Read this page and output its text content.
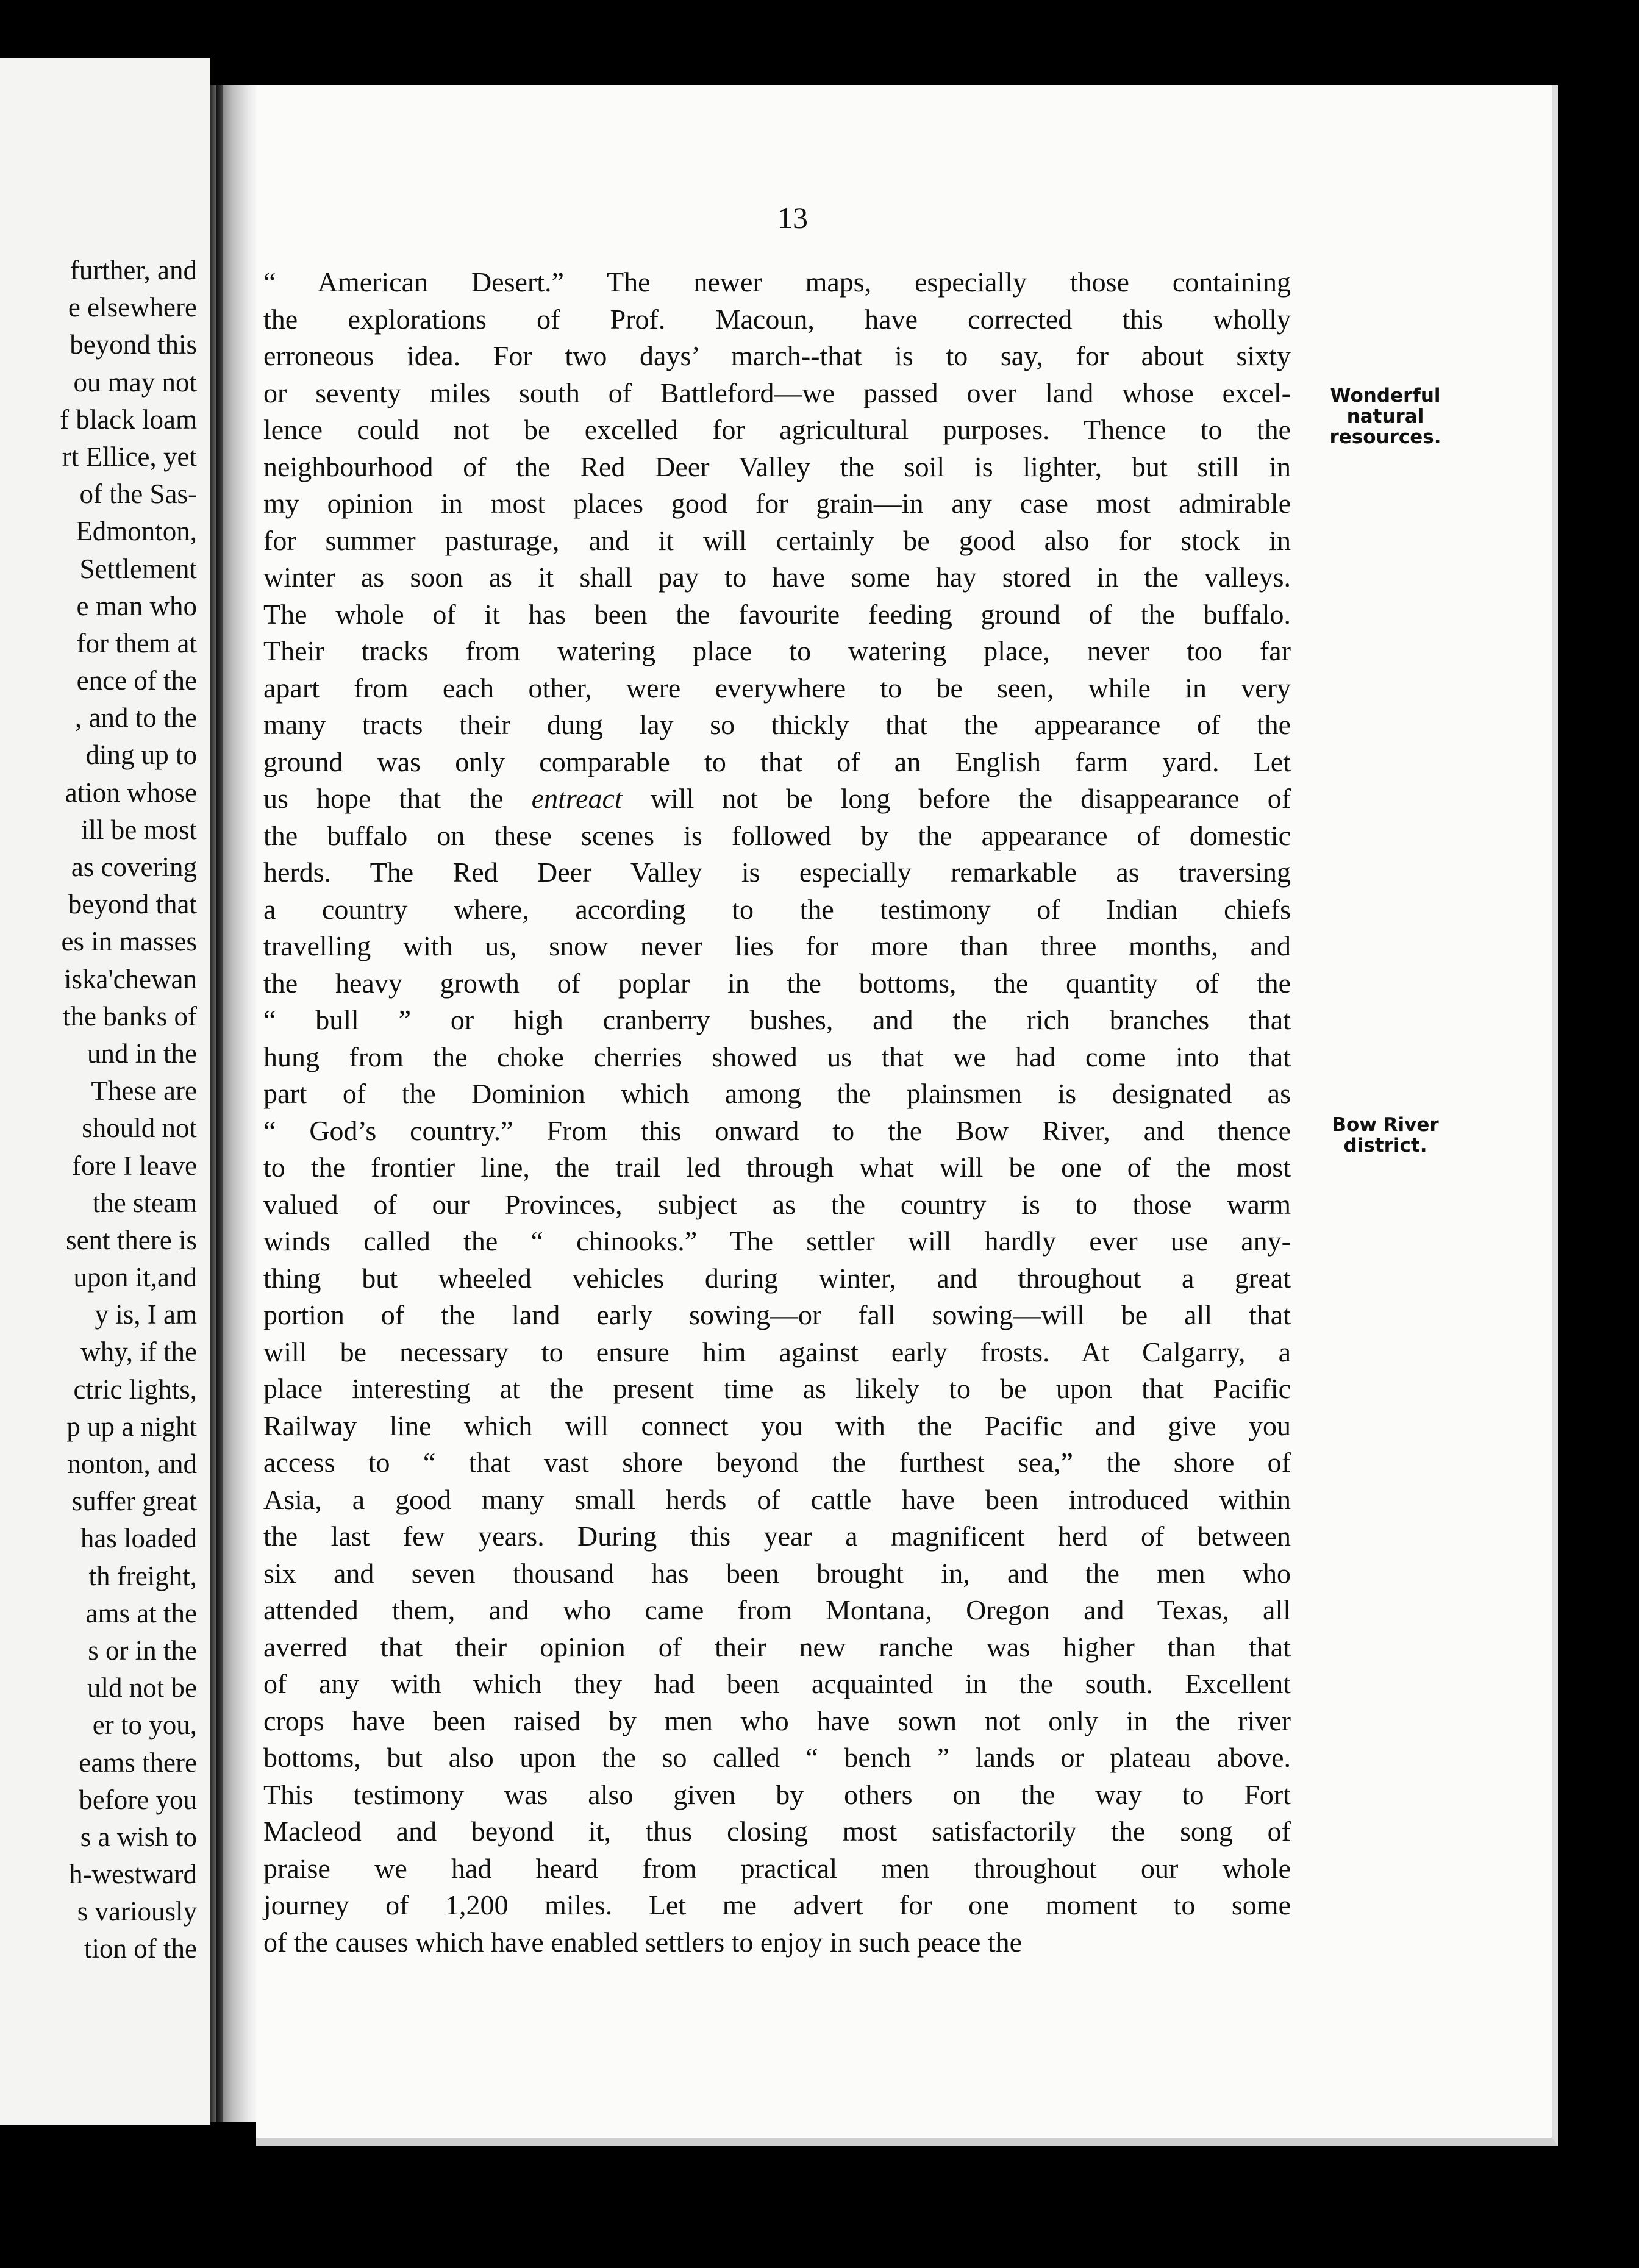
further, and
e elsewhere
beyond this
ou may not
f black loam
rt Ellice, yet
of the Sas-
Edmonton,
Settlement
e man who
for them at
ence of the
, and to the
ding up to
ation whose
ill be most
as covering
beyond that
es in masses
iska'chewan
the banks of
und in the
These are
should not
fore I leave
the steam
sent there is
upon it,and
y is, I am
why, if the
ctric lights,
p up a night
nonton, and
suffer great
has loaded
th freight,
ams at the
s or in the
uld not be
er to you,
eams there
before you
s a wish to
h-westward
s variously
tion of the
13
“ American Desert.” The newer maps, especially those containing
the explorations of Prof. Macoun, have corrected this wholly
erroneous idea. For two days’ march--that is to say, for about sixty
or seventy miles south of Battleford—we passed over land whose excel-
lence could not be excelled for agricultural purposes. Thence to the
neighbourhood of the Red Deer Valley the soil is lighter, but still in
my opinion in most places good for grain—in any case most admirable
for summer pasturage, and it will certainly be good also for stock in
winter as soon as it shall pay to have some hay stored in the valleys.
The whole of it has been the favourite feeding ground of the buffalo.
Their tracks from watering place to watering place, never too far
apart from each other, were everywhere to be seen, while in very
many tracts their dung lay so thickly that the appearance of the
ground was only comparable to that of an English farm yard. Let
us hope that the entreact will not be long before the disappearance of
the buffalo on these scenes is followed by the appearance of domestic
herds. The Red Deer Valley is especially remarkable as traversing
a country where, according to the testimony of Indian chiefs
travelling with us, snow never lies for more than three months, and
the heavy growth of poplar in the bottoms, the quantity of the
“ bull ” or high cranberry bushes, and the rich branches that
hung from the choke cherries showed us that we had come into that
part of the Dominion which among the plainsmen is designated as
“ God’s country.” From this onward to the Bow River, and thence
to the frontier line, the trail led through what will be one of the most
valued of our Provinces, subject as the country is to those warm
winds called the “ chinooks.” The settler will hardly ever use any-
thing but wheeled vehicles during winter, and throughout a great
portion of the land early sowing—or fall sowing—will be all that
will be necessary to ensure him against early frosts. At Calgarry, a
place interesting at the present time as likely to be upon that Pacific
Railway line which will connect you with the Pacific and give you
access to “ that vast shore beyond the furthest sea,” the shore of
Asia, a good many small herds of cattle have been introduced within
the last few years. During this year a magnificent herd of between
six and seven thousand has been brought in, and the men who
attended them, and who came from Montana, Oregon and Texas, all
averred that their opinion of their new ranche was higher than that
of any with which they had been acquainted in the south. Excellent
crops have been raised by men who have sown not only in the river
bottoms, but also upon the so called “ bench ” lands or plateau above.
This testimony was also given by others on the way to Fort
Macleod and beyond it, thus closing most satisfactorily the song of
praise we had heard from practical men throughout our whole
journey of 1,200 miles. Let me advert for one moment to some
of the causes which have enabled settlers to enjoy in such peace the
Wonderful
natural
resources.
Bow River
district.
